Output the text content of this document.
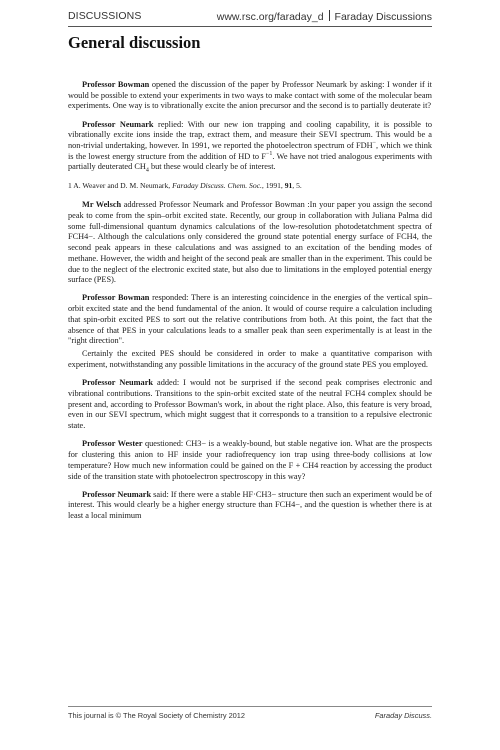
DISCUSSIONS	www.rsc.org/faraday_d Faraday Discussions
General discussion

Professor Bowman opened the discussion of the paper by Professor Neumark by asking: I wonder if it would be possible to extend your experiments in two ways to make contact with some of the molecular beam experiments. One way is to vibrationally excite the anion precursor and the second is to partially deuterate it?

Professor Neumark replied: With our new ion trapping and cooling capability, it is possible to vibrationally excite ions inside the trap, extract them, and measure their SEVI spectrum. This would be a non-trivial undertaking, however. In 1991, we reported the photoelectron spectrum of FDH−, which we think is the lowest energy structure from the addition of HD to $F^{-1}$. We have not tried analogous experiments with partially deuterated $CH_4$ but these would clearly be of interest.

1 A. Weaver and D. M. Neumark, Faraday Discuss. Chem. Soc., 1991, 91, 5.

Mr Welsch addressed Professor Neumark and Professor Bowman :In your paper you assign the second peak to come from the spin–orbit excited state. Recently, our group in collaboration with Juliana Palma did some full-dimensional quantum dynamics calculations of the low-resolution photodetatchment spectra of FCH4−. Although the calculations only considered the ground state potential energy surface of FCH4, the second peak appears in these calculations and was assigned to an excitation of the bending modes of methane. However, the width and height of the second peak are smaller than in the experiment. This could be due to the neglect of the electronic excited state, but also due to limitations in the employed potential energy surface (PES).

Professor Bowman responded: There is an interesting coincidence in the energies of the vertical spin–orbit excited state and the bend fundamental of the anion. It would of course require a calculation including that spin-orbit excited PES to sort out the relative contributions from both. At this point, the fact that the absence of that PES in your calculations leads to a smaller peak than seen experimentally is at least in the "right direction".

Certainly the excited PES should be considered in order to make a quantitative comparison with experiment, notwithstanding any possible limitations in the accuracy of the ground state PES you employed.

Professor Neumark added: I would not be surprised if the second peak comprises electronic and vibrational contributions. Transitions to the spin-orbit excited state of the neutral FCH4 complex should be present and, according to Professor Bowman's work, in about the right place. Also, this feature is very broad, even in our SEVI spectrum, which might suggest that it corresponds to a transition to a repulsive electronic state.

Professor Wester questioned: CH3− is a weakly-bound, but stable negative ion. What are the prospects for clustering this anion to HF inside your radiofrequency ion trap using three-body collisions at low temperature? How much new information could be gained on the F + CH4 reaction by accessing the product side of the transition state with photoelectron spectroscopy in this way?

Professor Neumark said: If there were a stable HF·CH3− structure then such an experiment would be of interest. This would clearly be a higher energy structure than FCH4−, and the question is whether there is at least a local minimum

This journal is © The Royal Society of Chemistry 2012	Faraday Discuss.
